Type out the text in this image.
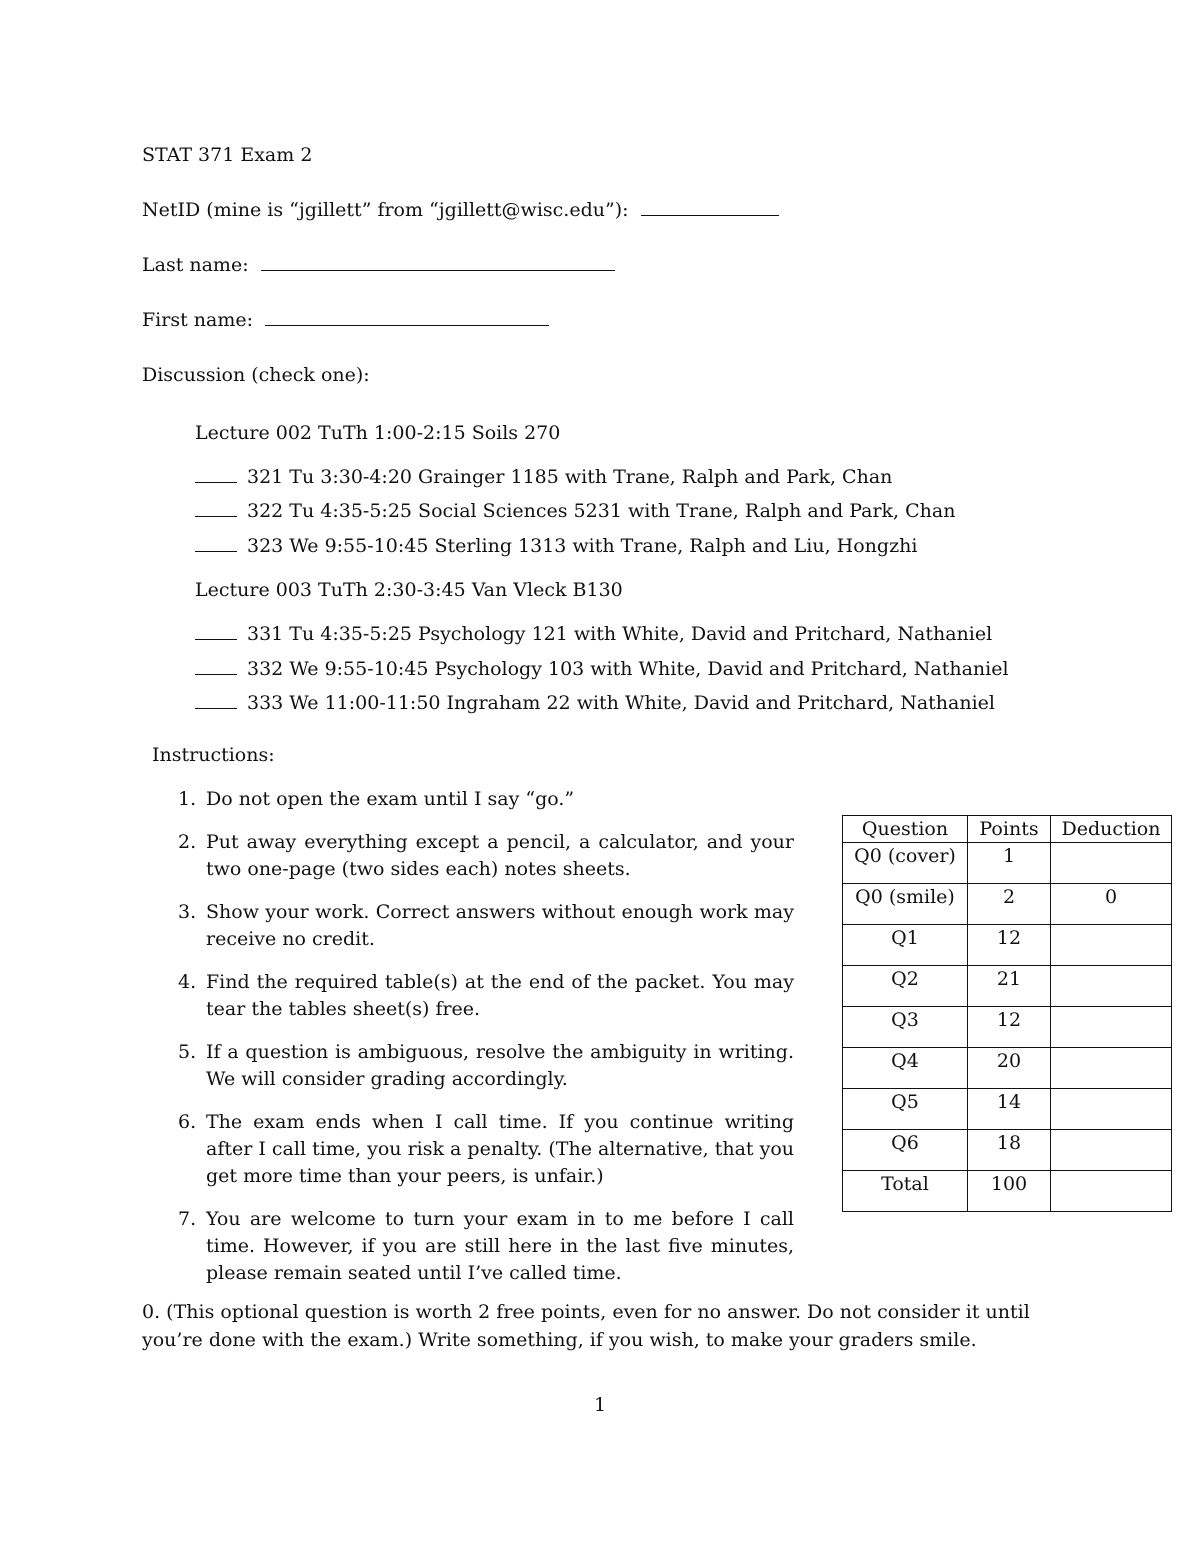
STAT 371 Exam 2
NetID (mine is “jgillett” from “jgillett@wisc.edu”):
Last name:
First name:
Discussion (check one):
Lecture 002 TuTh 1:00-2:15 Soils 270
321 Tu 3:30-4:20 Grainger 1185 with Trane, Ralph and Park, Chan
322 Tu 4:35-5:25 Social Sciences 5231 with Trane, Ralph and Park, Chan
323 We 9:55-10:45 Sterling 1313 with Trane, Ralph and Liu, Hongzhi
Lecture 003 TuTh 2:30-3:45 Van Vleck B130
331 Tu 4:35-5:25 Psychology 121 with White, David and Pritchard, Nathaniel
332 We 9:55-10:45 Psychology 103 with White, David and Pritchard, Nathaniel
333 We 11:00-11:50 Ingraham 22 with White, David and Pritchard, Nathaniel
Instructions:
1. Do not open the exam until I say “go.”
2. Put away everything except a pencil, a calculator, and your two one-page (two sides each) notes sheets.
3. Show your work. Correct answers without enough work may receive no credit.
4. Find the required table(s) at the end of the packet. You may tear the tables sheet(s) free.
5. If a question is ambiguous, resolve the ambiguity in writing. We will consider grading accordingly.
6. The exam ends when I call time. If you continue writing after I call time, you risk a penalty. (The alternative, that you get more time than your peers, is unfair.)
7. You are welcome to turn your exam in to me before I call time. However, if you are still here in the last five minutes, please remain seated until I’ve called time.
Question	Points	Deduction
Q0 (cover)	1	
Q0 (smile)	2	0
Q1	12	
Q2	21	
Q3	12	
Q4	20	
Q5	14	
Q6	18	
Total	100	
0. (This optional question is worth 2 free points, even for no answer. Do not consider it until you’re done with the exam.) Write something, if you wish, to make your graders smile.
1
